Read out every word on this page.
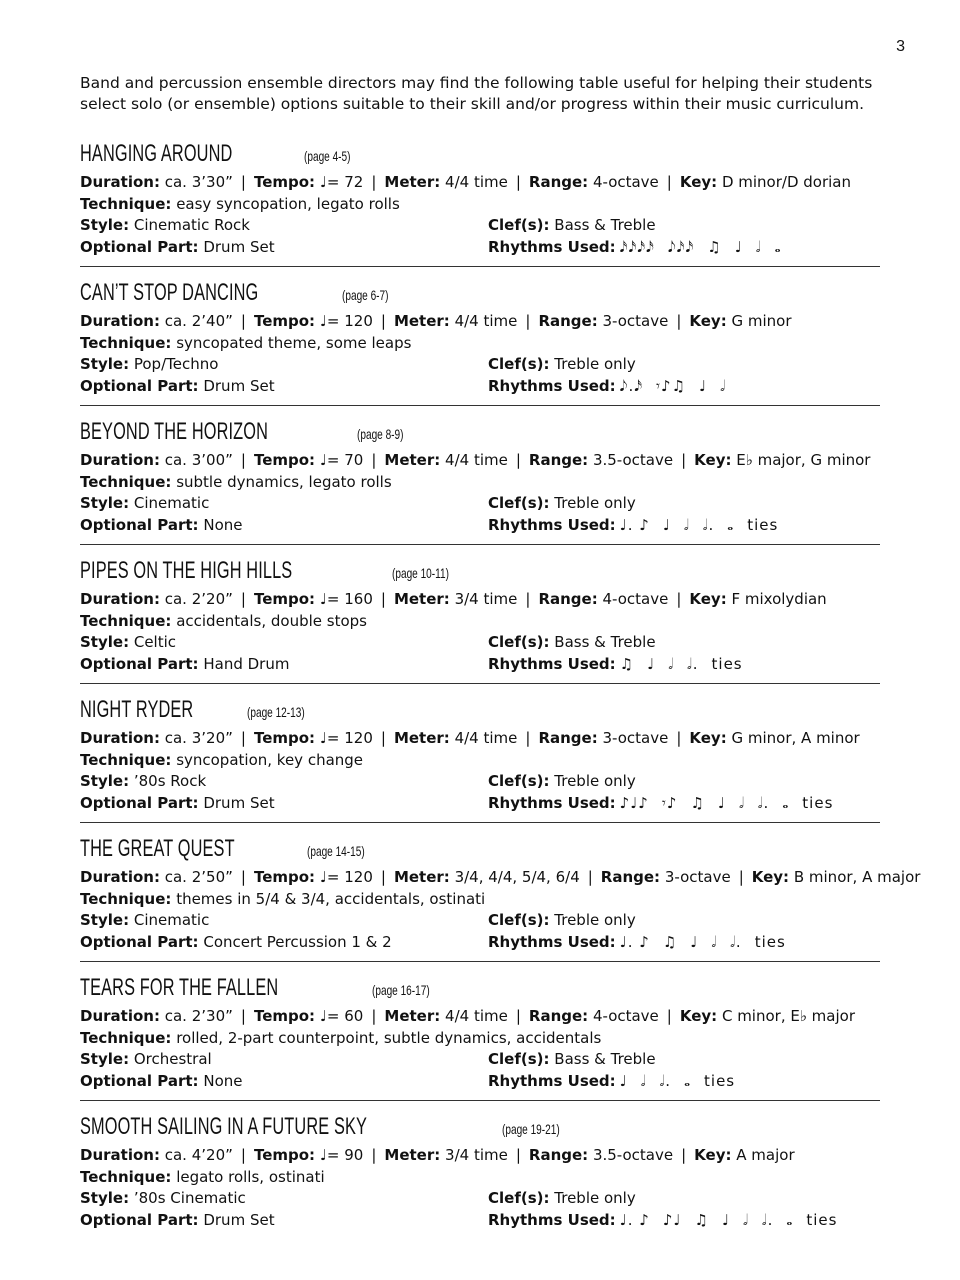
3

Band and percussion ensemble directors may find the following table useful for helping their students select solo (or ensemble) options suitable to their skill and/or progress within their music curriculum.

HANGING AROUND	(page 4-5)
Duration: ca. 3’30” | Tempo: ♩= 72 | Meter: 4/4 time | Range: 4-octave | Key: D minor/D dorian
Technique: easy syncopation, legato rolls
Style: Cinematic Rock	Clef(s): Bass & Treble
Optional Part: Drum Set	Rhythms Used: 𝅘𝅥𝅯𝅘𝅥𝅯𝅘𝅥𝅯𝅘𝅥𝅯 𝅘𝅥𝅮𝅘𝅥𝅯𝅘𝅥𝅯 ♫ ♩ 𝅗𝅥 𝅝
CAN’T STOP DANCING	(page 6-7)
Duration: ca. 2’40” | Tempo: ♩= 120 | Meter: 4/4 time | Range: 3-octave | Key: G minor
Technique: syncopated theme, some leaps
Style: Pop/Techno	Clef(s): Treble only
Optional Part: Drum Set	Rhythms Used: 𝅘𝅥𝅮.𝅘𝅥𝅯 𝄾♪♫ ♩ 𝅗𝅥
BEYOND THE HORIZON	(page 8-9)
Duration: ca. 3’00” | Tempo: ♩= 70 | Meter: 4/4 time | Range: 3.5-octave | Key: E♭ major, G minor
Technique: subtle dynamics, legato rolls
Style: Cinematic	Clef(s): Treble only
Optional Part: None	Rhythms Used: ♩. ♪ ♩ 𝅗𝅥 𝅗𝅥. 𝅝 ties
PIPES ON THE HIGH HILLS	(page 10-11)
Duration: ca. 2’20” | Tempo: ♩= 160 | Meter: 3/4 time | Range: 4-octave | Key: F mixolydian
Technique: accidentals, double stops
Style: Celtic	Clef(s): Bass & Treble
Optional Part: Hand Drum	Rhythms Used: ♫ ♩ 𝅗𝅥 𝅗𝅥. ties
NIGHT RYDER	(page 12-13)
Duration: ca. 3’20” | Tempo: ♩= 120 | Meter: 4/4 time | Range: 3-octave | Key: G minor, A minor
Technique: syncopation, key change
Style: ’80s Rock	Clef(s): Treble only
Optional Part: Drum Set	Rhythms Used: ♪♩♪ 𝄾♪ ♫ ♩ 𝅗𝅥 𝅗𝅥. 𝅝 ties
THE GREAT QUEST	(page 14-15)
Duration: ca. 2’50” | Tempo: ♩= 120 | Meter: 3/4, 4/4, 5/4, 6/4 | Range: 3-octave | Key: B minor, A major
Technique: themes in 5/4 & 3/4, accidentals, ostinati
Style: Cinematic	Clef(s): Treble only
Optional Part: Concert Percussion 1 & 2	Rhythms Used: ♩. ♪ ♫ ♩ 𝅗𝅥 𝅗𝅥. ties
TEARS FOR THE FALLEN	(page 16-17)
Duration: ca. 2’30” | Tempo: ♩= 60 | Meter: 4/4 time | Range: 4-octave | Key: C minor, E♭ major
Technique: rolled, 2-part counterpoint, subtle dynamics, accidentals
Style: Orchestral	Clef(s): Bass & Treble
Optional Part: None	Rhythms Used: ♩ 𝅗𝅥 𝅗𝅥. 𝅝 ties
SMOOTH SAILING IN A FUTURE SKY	(page 19-21)
Duration: ca. 4’20” | Tempo: ♩= 90 | Meter: 3/4 time | Range: 3.5-octave | Key: A major
Technique: legato rolls, ostinati
Style: ’80s Cinematic	Clef(s): Treble only
Optional Part: Drum Set	Rhythms Used: ♩. ♪ ♪♩ ♫ ♩ 𝅗𝅥 𝅗𝅥. 𝅝 ties
